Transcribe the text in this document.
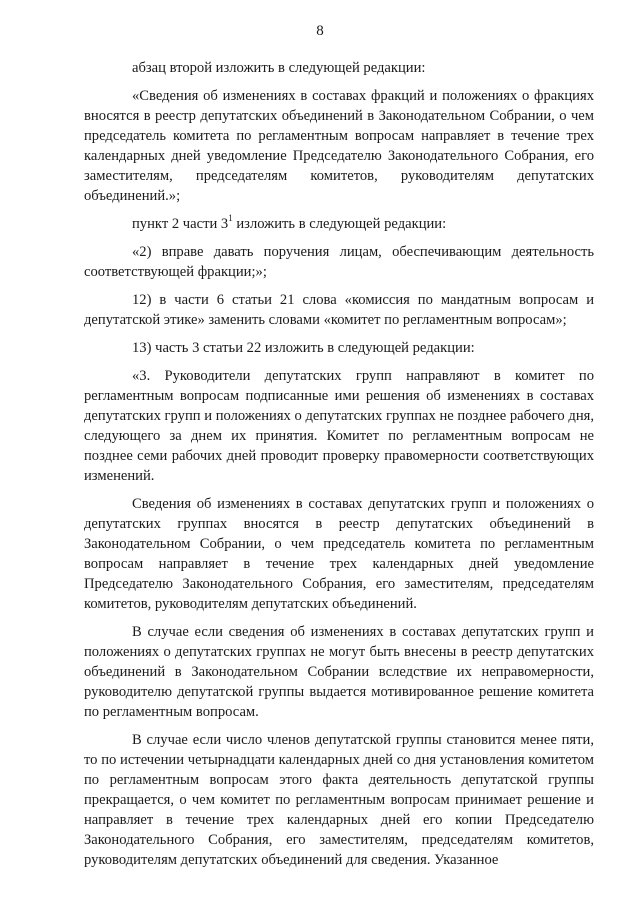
8

абзац второй изложить в следующей редакции:

«Сведения об изменениях в составах фракций и положениях о фракциях вносятся в реестр депутатских объединений в Законодательном Собрании, о чем председатель комитета по регламентным вопросам направляет в течение трех календарных дней уведомление Председателю Законодательного Собрания, его заместителям, председателям комитетов, руководителям депутатских объединений.»;

пункт 2 части $3^1$ изложить в следующей редакции:

«2) вправе давать поручения лицам, обеспечивающим деятельность соответствующей фракции;»;

12) в части 6 статьи 21 слова «комиссия по мандатным вопросам и депутатской этике» заменить словами «комитет по регламентным вопросам»;

13) часть 3 статьи 22 изложить в следующей редакции:

«3. Руководители депутатских групп направляют в комитет по регламентным вопросам подписанные ими решения об изменениях в составах депутатских групп и положениях о депутатских группах не позднее рабочего дня, следующего за днем их принятия. Комитет по регламентным вопросам не позднее семи рабочих дней проводит проверку правомерности соответствующих изменений.

Сведения об изменениях в составах депутатских групп и положениях о депутатских группах вносятся в реестр депутатских объединений в Законодательном Собрании, о чем председатель комитета по регламентным вопросам направляет в течение трех календарных дней уведомление Председателю Законодательного Собрания, его заместителям, председателям комитетов, руководителям депутатских объединений.

В случае если сведения об изменениях в составах депутатских групп и положениях о депутатских группах не могут быть внесены в реестр депутатских объединений в Законодательном Собрании вследствие их неправомерности, руководителю депутатской группы выдается мотивированное решение комитета по регламентным вопросам.

В случае если число членов депутатской группы становится менее пяти, то по истечении четырнадцати календарных дней со дня установления комитетом по регламентным вопросам этого факта деятельность депутатской группы прекращается, о чем комитет по регламентным вопросам принимает решение и направляет в течение трех календарных дней его копии Председателю Законодательного Собрания, его заместителям, председателям комитетов, руководителям депутатских объединений для сведения. Указанное
